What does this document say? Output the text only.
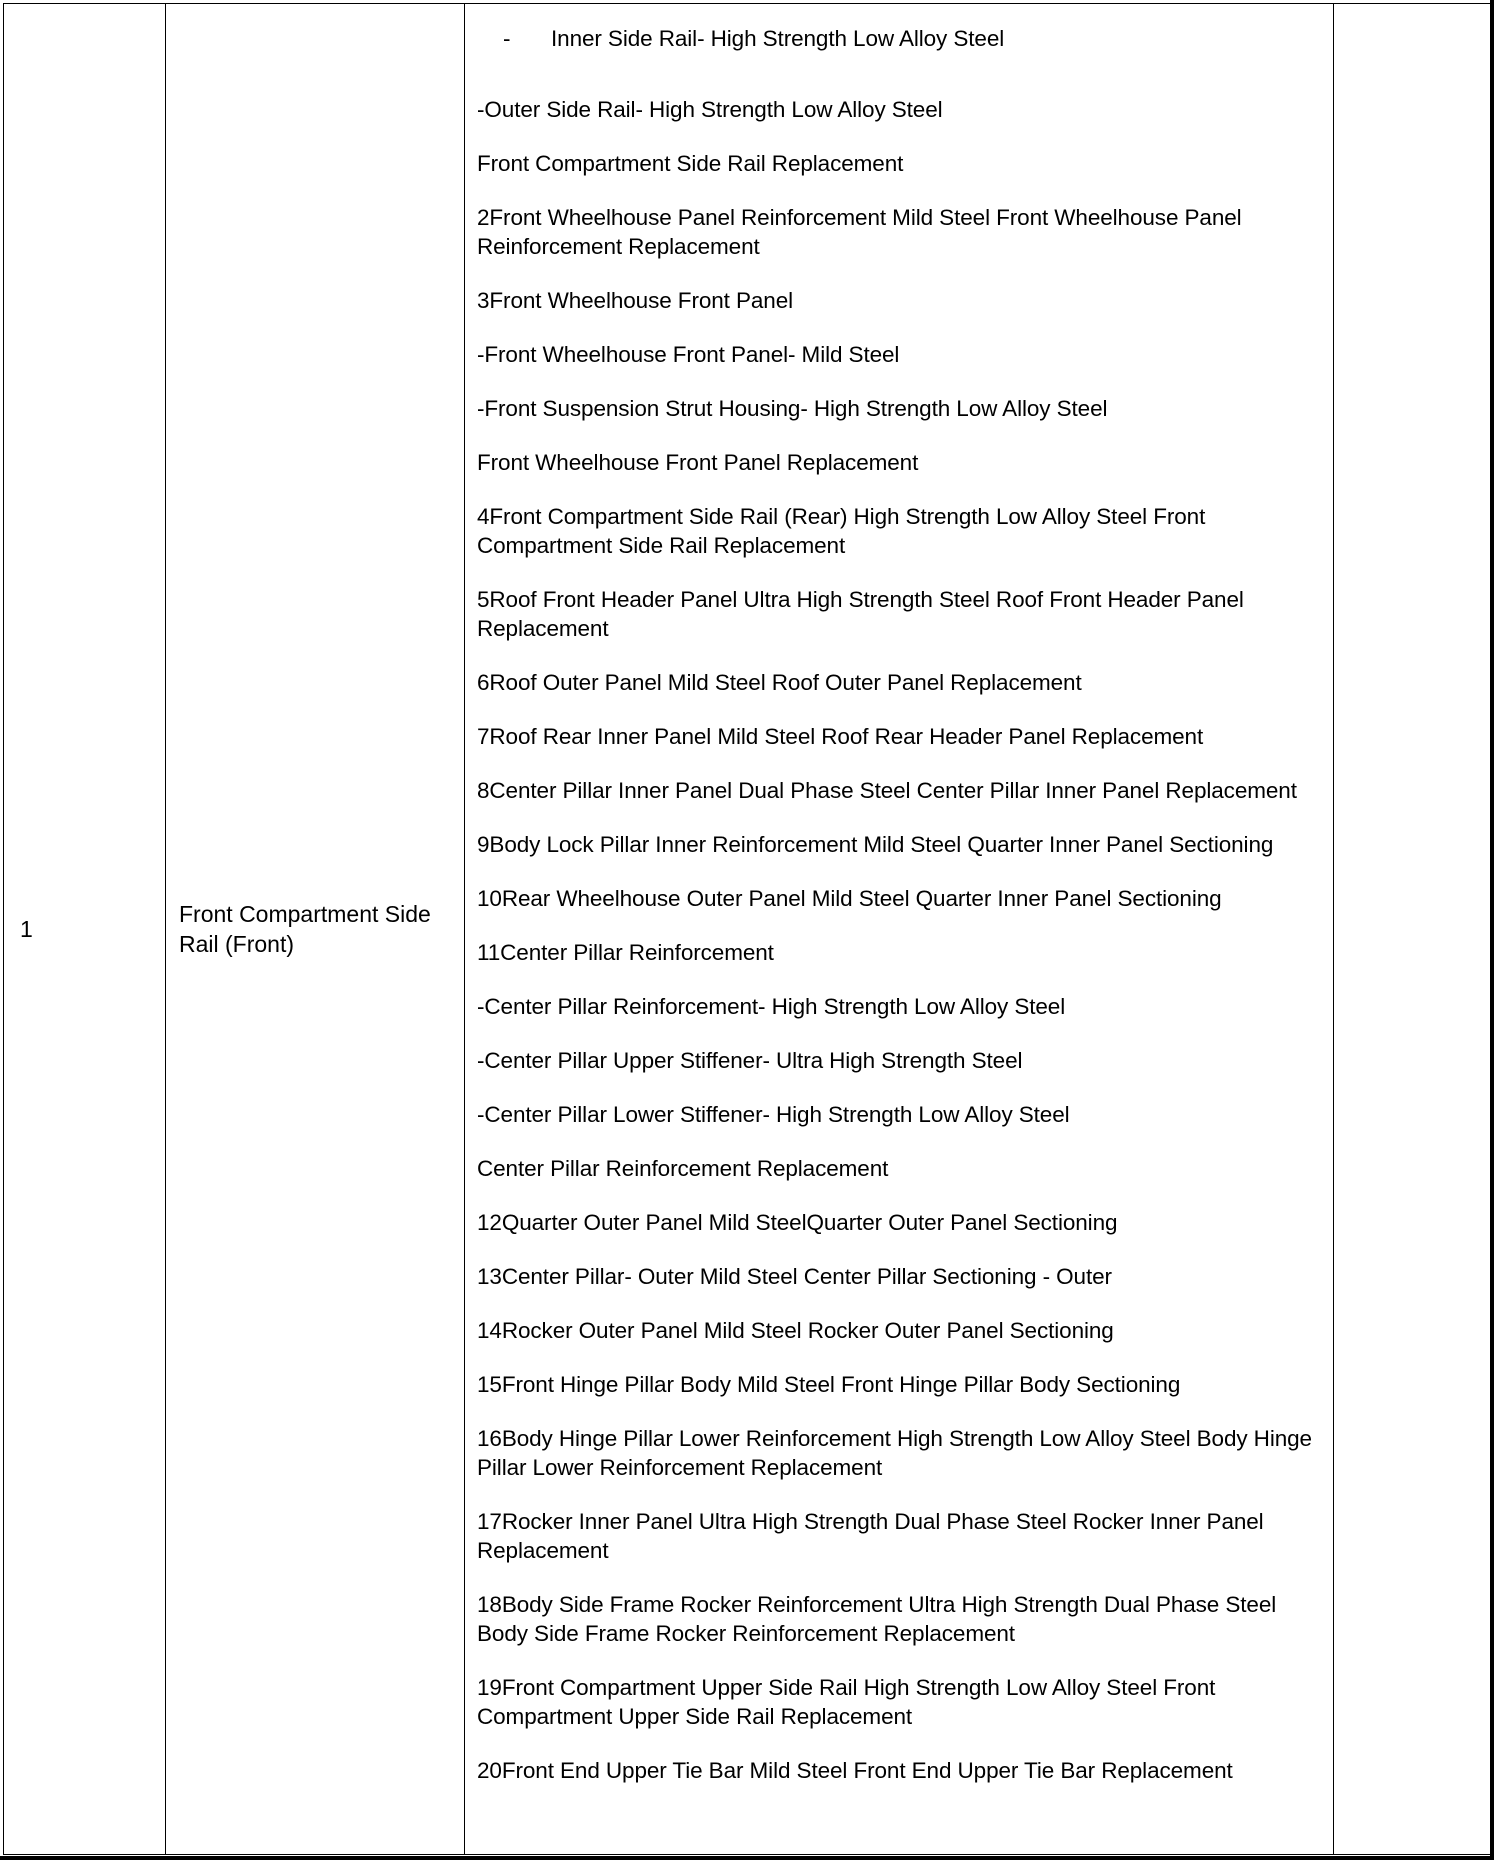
1	Front Compartment Side Rail (Front)	
- Inner Side Rail- High Strength Low Alloy Steel
-Outer Side Rail- High Strength Low Alloy Steel
Front Compartment Side Rail Replacement
2Front Wheelhouse Panel Reinforcement Mild Steel Front Wheelhouse Panel Reinforcement Replacement
3Front Wheelhouse Front Panel
-Front Wheelhouse Front Panel- Mild Steel
-Front Suspension Strut Housing- High Strength Low Alloy Steel
Front Wheelhouse Front Panel Replacement
4Front Compartment Side Rail (Rear) High Strength Low Alloy Steel Front Compartment Side Rail Replacement
5Roof Front Header Panel Ultra High Strength Steel Roof Front Header Panel Replacement
6Roof Outer Panel Mild Steel Roof Outer Panel Replacement
7Roof Rear Inner Panel Mild Steel Roof Rear Header Panel Replacement
8Center Pillar Inner Panel Dual Phase Steel Center Pillar Inner Panel Replacement
9Body Lock Pillar Inner Reinforcement Mild Steel Quarter Inner Panel Sectioning
10Rear Wheelhouse Outer Panel Mild Steel Quarter Inner Panel Sectioning
11Center Pillar Reinforcement
-Center Pillar Reinforcement- High Strength Low Alloy Steel
-Center Pillar Upper Stiffener- Ultra High Strength Steel
-Center Pillar Lower Stiffener- High Strength Low Alloy Steel
Center Pillar Reinforcement Replacement
12Quarter Outer Panel Mild SteelQuarter Outer Panel Sectioning
13Center Pillar- Outer Mild Steel Center Pillar Sectioning - Outer
14Rocker Outer Panel Mild Steel Rocker Outer Panel Sectioning
15Front Hinge Pillar Body Mild Steel Front Hinge Pillar Body Sectioning
16Body Hinge Pillar Lower Reinforcement High Strength Low Alloy Steel Body Hinge Pillar Lower Reinforcement Replacement
17Rocker Inner Panel Ultra High Strength Dual Phase Steel Rocker Inner Panel Replacement
18Body Side Frame Rocker Reinforcement Ultra High Strength Dual Phase Steel Body Side Frame Rocker Reinforcement Replacement
19Front Compartment Upper Side Rail High Strength Low Alloy Steel Front Compartment Upper Side Rail Replacement
20Front End Upper Tie Bar Mild Steel Front End Upper Tie Bar Replacement
